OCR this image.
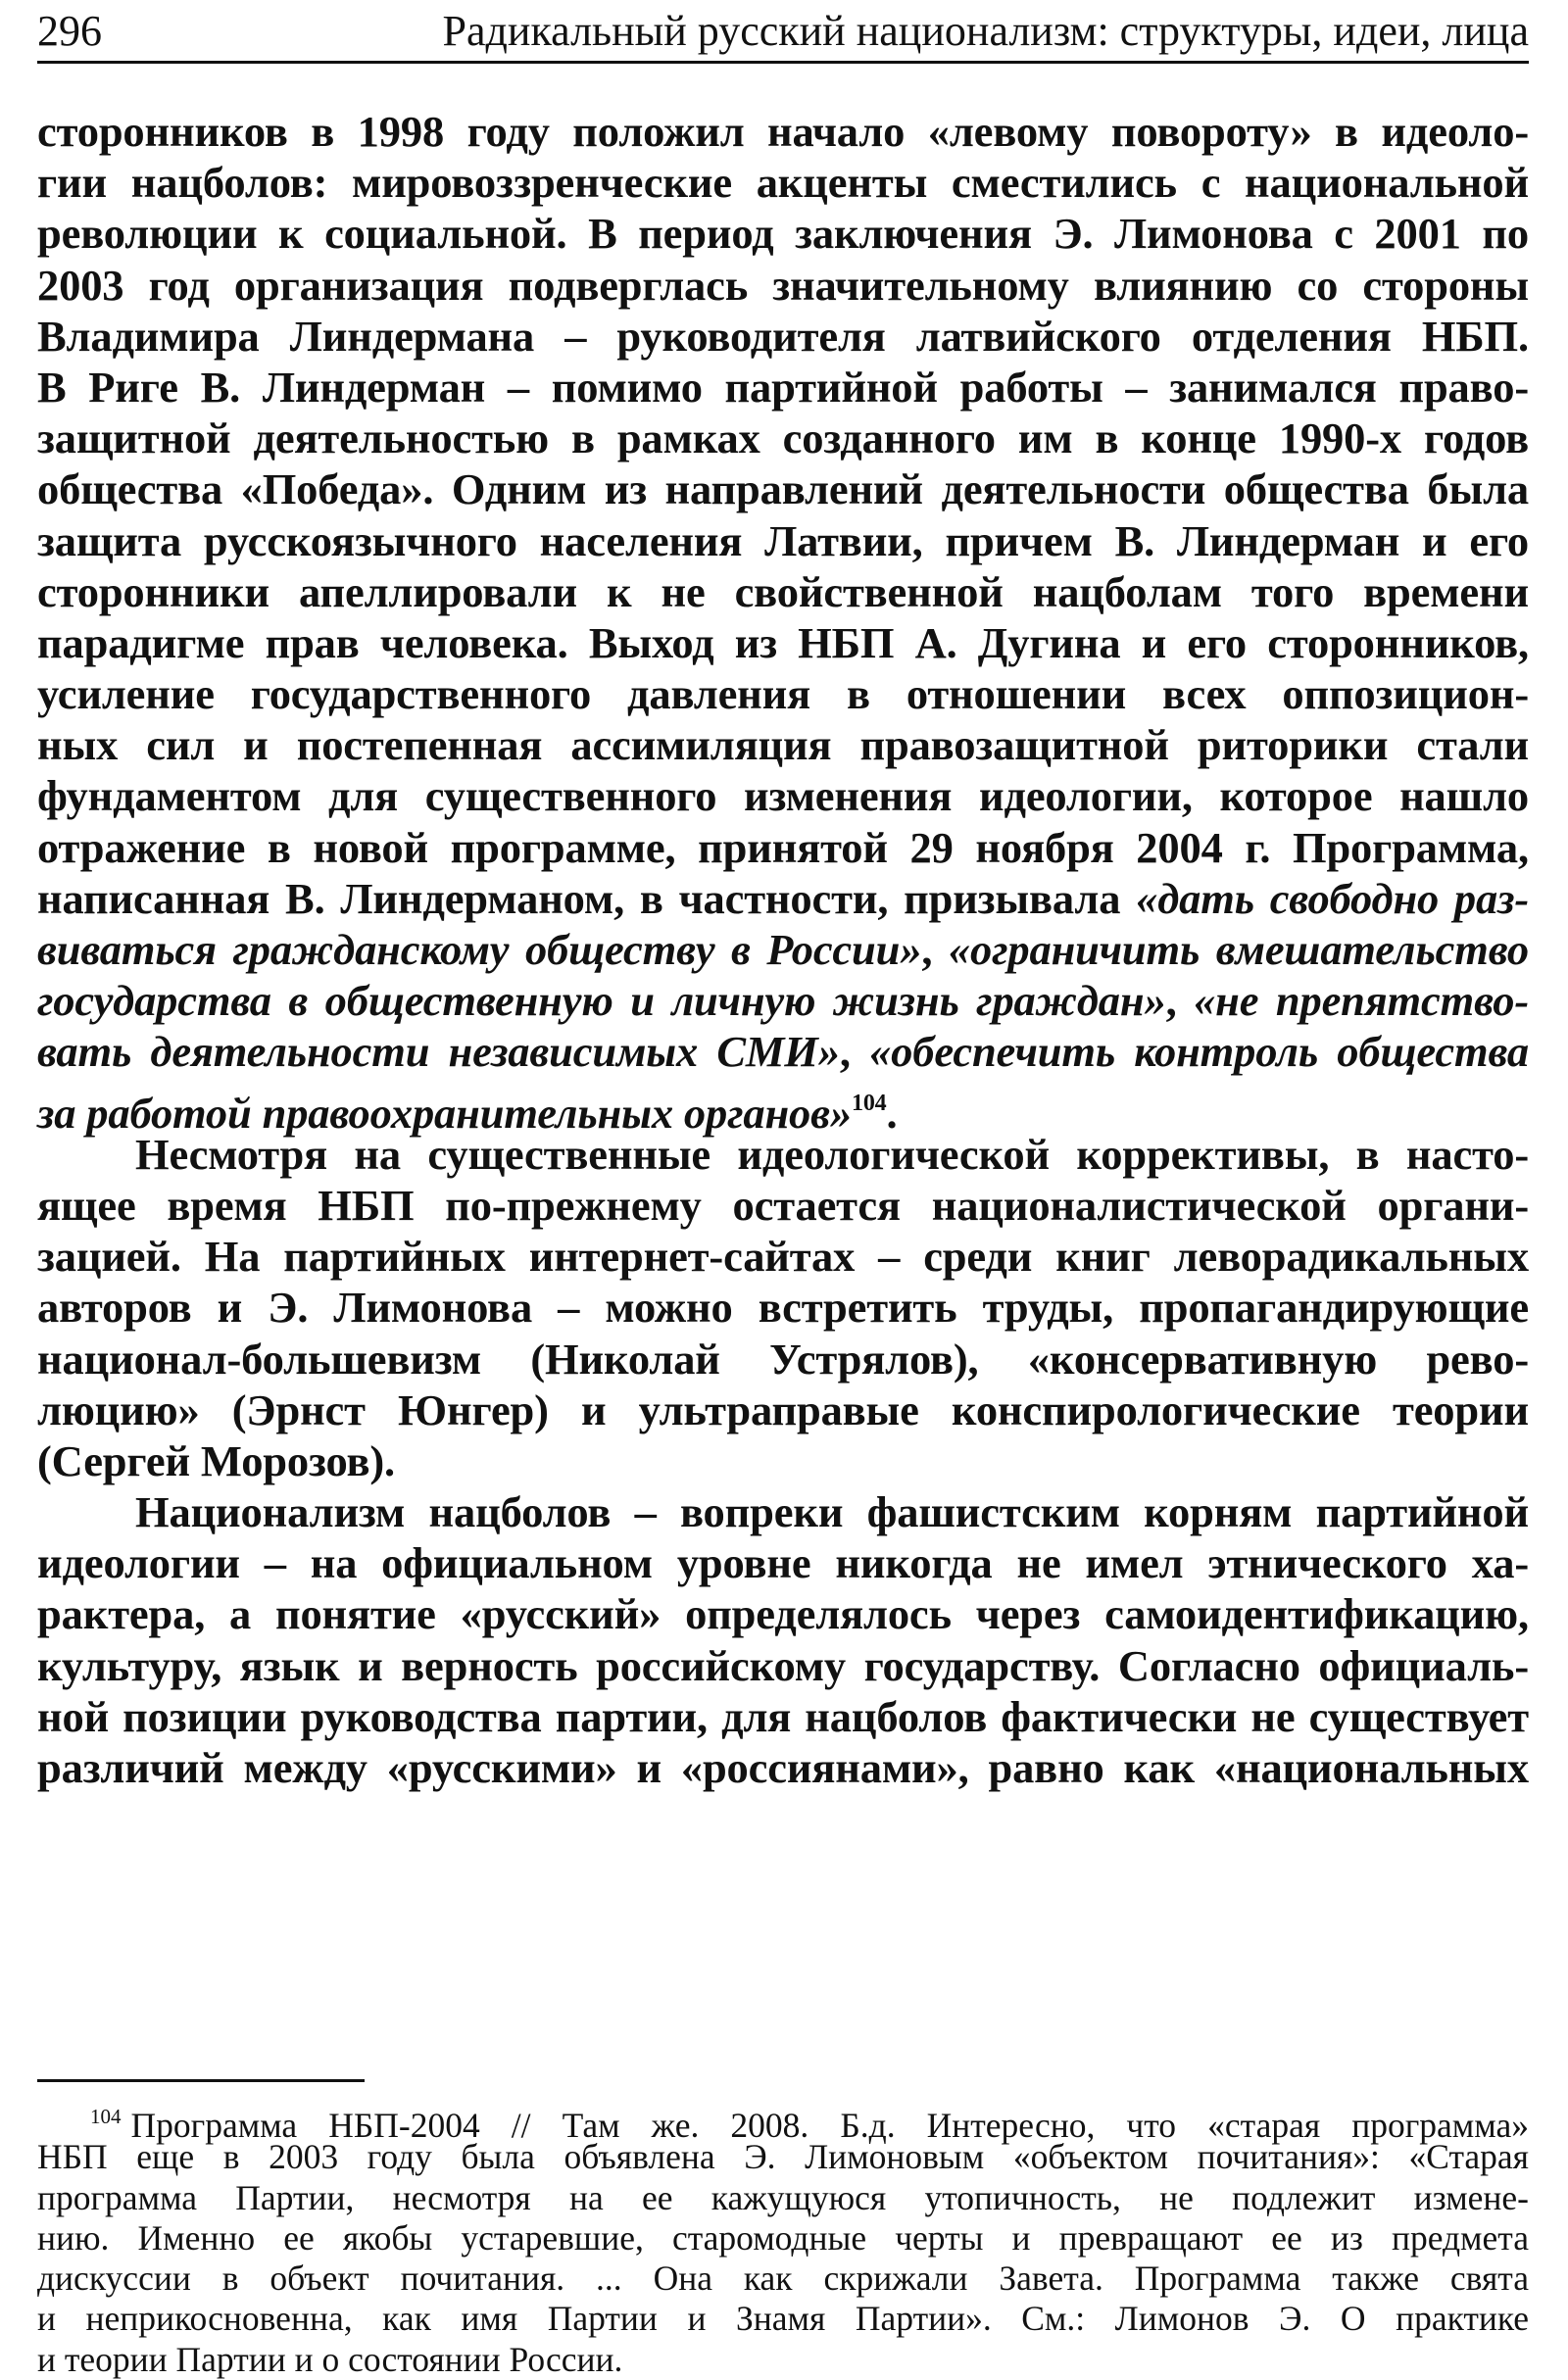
296	Радикальный русский национализм: структуры, идеи, лица
сторонников в 1998 году положил начало «левому повороту» в идеоло-
гии нацболов: мировоззренческие акценты сместились с национальной
революции к социальной. В период заключения Э. Лимонова с 2001 по
2003 год организация подверглась значительному влиянию со стороны
Владимира Линдермана – руководителя латвийского отделения НБП.
В Риге В. Линдерман – помимо партийной работы – занимался право-
защитной деятельностью в рамках созданного им в конце 1990-х годов
общества «Победа». Одним из направлений деятельности общества была
защита русскоязычного населения Латвии, причем В. Линдерман и его
сторонники апеллировали к не свойственной нацболам того времени
парадигме прав человека. Выход из НБП А. Дугина и его сторонников,
усиление государственного давления в отношении всех оппозицион-
ных сил и постепенная ассимиляция правозащитной риторики стали
фундаментом для существенного изменения идеологии, которое нашло
отражение в новой программе, принятой 29 ноября 2004 г. Программа,
написанная В. Линдерманом, в частности, призывала «дать свободно раз-
виваться гражданскому обществу в России», «ограничить вмешательство
государства в общественную и личную жизнь граждан», «не препятство-
вать деятельности независимых СМИ», «обеспечить контроль общества
за работой правоохранительных органов»$^{104}$.
Несмотря на существенные идеологической коррективы, в насто-
ящее время НБП по-прежнему остается националистической органи-
зацией. На партийных интернет-сайтах – среди книг леворадикальных
авторов и Э. Лимонова – можно встретить труды, пропагандирующие
национал-большевизм (Николай Устрялов), «консервативную рево-
люцию» (Эрнст Юнгер) и ультраправые конспирологические теории
(Сергей Морозов).
Национализм нацболов – вопреки фашистским корням партийной
идеологии – на официальном уровне никогда не имел этнического ха-
рактера, а понятие «русский» определялось через самоидентификацию,
культуру, язык и верность российскому государству. Согласно официаль-
ной позиции руководства партии, для нацболов фактически не существует
различий между «русскими» и «россиянами», равно как «национальных
$^{104}$ Программа НБП-2004 // Там же. 2008. Б.д. Интересно, что «старая программа»
НБП еще в 2003 году была объявлена Э. Лимоновым «объектом почитания»: «Старая
программа Партии, несмотря на ее кажущуюся утопичность, не подлежит измене-
нию. Именно ее якобы устаревшие, старомодные черты и превращают ее из предмета
дискуссии в объект почитания. ... Она как скрижали Завета. Программа также свята
и неприкосновенна, как имя Партии и Знамя Партии». См.: Лимонов Э. О практике
и теории Партии и о состоянии России.
